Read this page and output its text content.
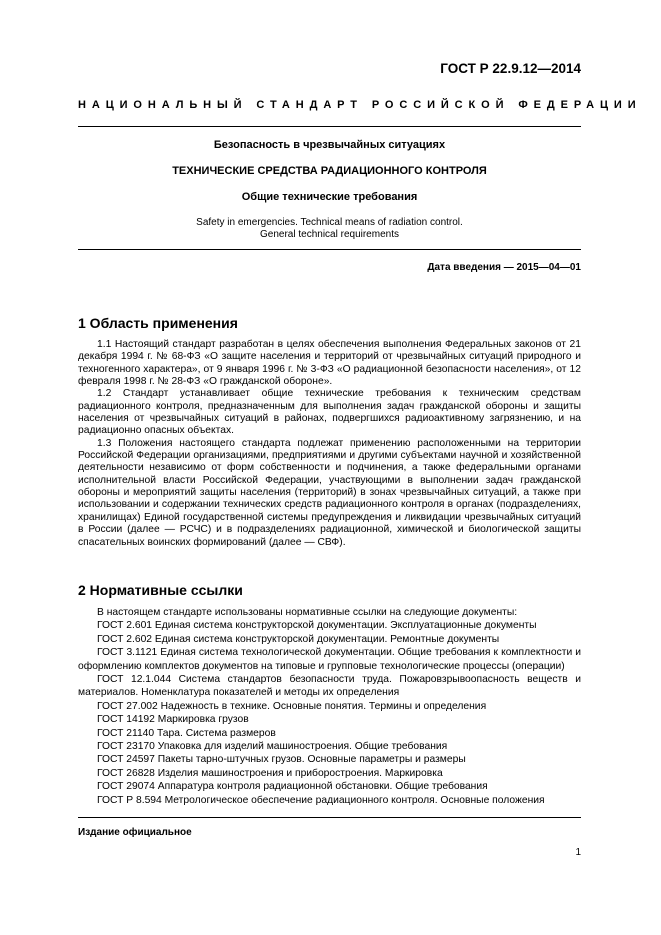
ГОСТ Р 22.9.12—2014
НАЦИОНАЛЬНЫЙ СТАНДАРТ РОССИЙСКОЙ ФЕДЕРАЦИИ
Безопасность в чрезвычайных ситуациях
ТЕХНИЧЕСКИЕ СРЕДСТВА РАДИАЦИОННОГО КОНТРОЛЯ
Общие технические требования
Safety in emergencies. Technical means of radiation control.
General technical requirements
Дата введения — 2015—04—01
1 Область применения

1.1 Настоящий стандарт разработан в целях обеспечения выполнения Федеральных законов от 21 декабря 1994 г. № 68-ФЗ «О защите населения и территорий от чрезвычайных ситуаций природного и техногенного характера», от 9 января 1996 г. № 3-ФЗ «О радиационной безопасности населения», от 12 февраля 1998 г. № 28-ФЗ «О гражданской обороне».

1.2 Стандарт устанавливает общие технические требования к техническим средствам радиационного контроля, предназначенным для выполнения задач гражданской обороны и защиты населения от чрезвычайных ситуаций в районах, подвергшихся радиоактивному загрязнению, и на радиационно опасных объектах.

1.3 Положения настоящего стандарта подлежат применению расположенными на территории Российской Федерации организациями, предприятиями и другими субъектами научной и хозяйственной деятельности независимо от форм собственности и подчинения, а также федеральными органами исполнительной власти Российской Федерации, участвующими в выполнении задач гражданской обороны и мероприятий защиты населения (территорий) в зонах чрезвычайных ситуаций, а также при использовании и содержании технических средств радиационного контроля в органах (подразделениях, хранилищах) Единой государственной системы предупреждения и ликвидации чрезвычайных ситуаций в России (далее — РСЧС) и в подразделениях радиационной, химической и биологической защиты спасательных воинских формирований (далее — СВФ).

2 Нормативные ссылки

В настоящем стандарте использованы нормативные ссылки на следующие документы:

ГОСТ 2.601 Единая система конструкторской документации. Эксплуатационные документы

ГОСТ 2.602 Единая система конструкторской документации. Ремонтные документы

ГОСТ 3.1121 Единая система технологической документации. Общие требования к комплектности и оформлению комплектов документов на типовые и групповые технологические процессы (операции)

ГОСТ 12.1.044 Система стандартов безопасности труда. Пожаровзрывоопасность веществ и материалов. Номенклатура показателей и методы их определения

ГОСТ 27.002 Надежность в технике. Основные понятия. Термины и определения

ГОСТ 14192 Маркировка грузов

ГОСТ 21140 Тара. Система размеров

ГОСТ 23170 Упаковка для изделий машиностроения. Общие требования

ГОСТ 24597 Пакеты тарно-штучных грузов. Основные параметры и размеры

ГОСТ 26828 Изделия машиностроения и приборостроения. Маркировка

ГОСТ 29074 Аппаратура контроля радиационной обстановки. Общие требования

ГОСТ Р 8.594 Метрологическое обеспечение радиационного контроля. Основные положения

Издание официальное
1
